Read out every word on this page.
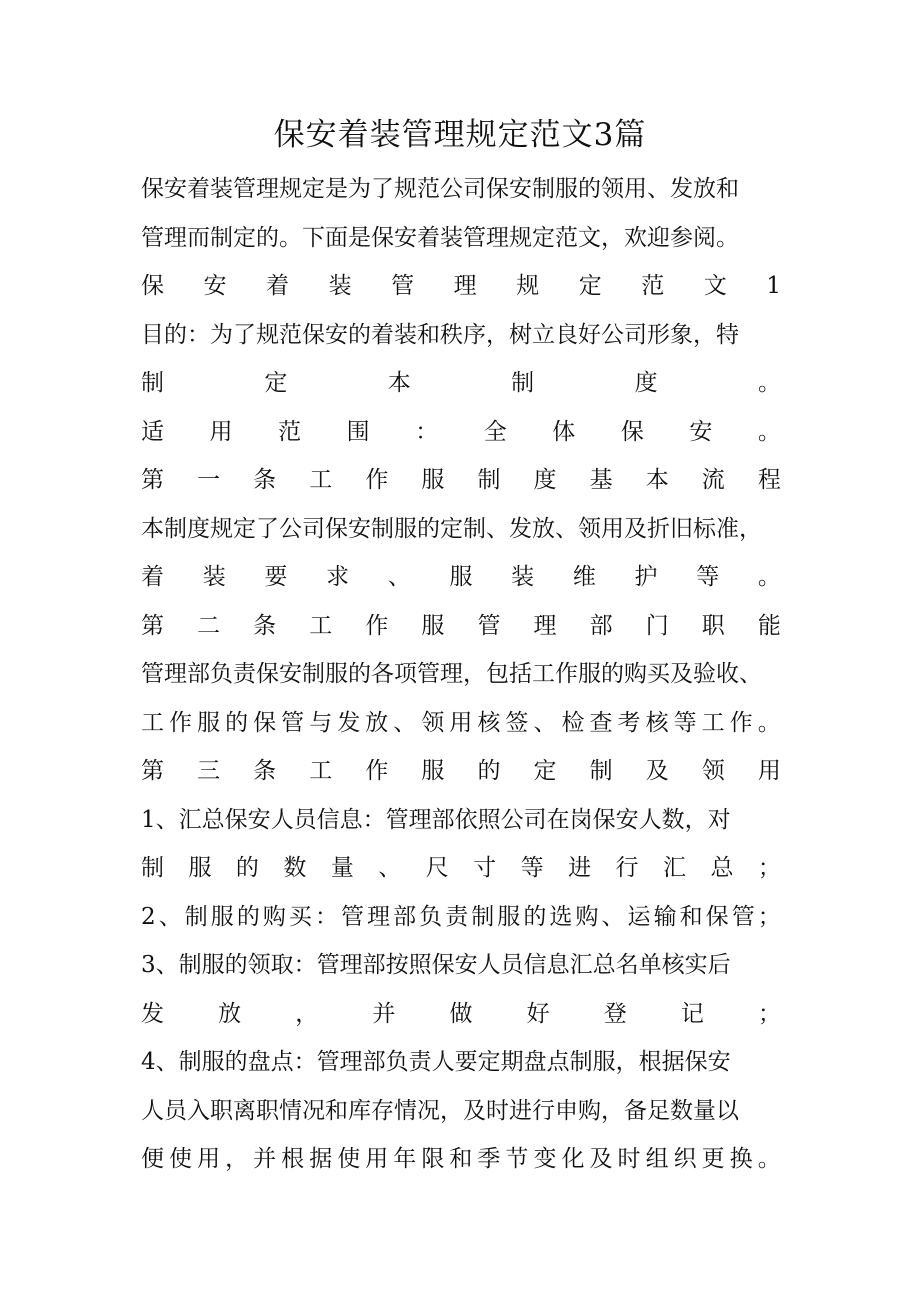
保安着装管理规定范文3篇
保安着装管理规定是为了规范公司保安制服的领用、发放和
管理而制定的。下面是保安着装管理规定范文，欢迎参阅。
保 安 着 装 管 理 规 定 范 文 1
目的：为了规范保安的着装和秩序，树立良好公司形象，特
制	定	本	制	度	。
适 用 范 围 ： 全 体 保 安 。
第 一 条 工 作 服 制 度 基 本 流 程
本制度规定了公司保安制服的定制、发放、领用及折旧标准，
着 装 要 求 、 服 装 维 护 等 。
第 二 条 工 作 服 管 理 部 门 职 能
管理部负责保安制服的各项管理，包括工作服的购买及验收、
工 作 服 的 保 管 与 发 放 、 领 用 核 签 、 检 查 考 核 等 工 作 。
第 三 条 工 作 服 的 定 制 及 领 用
1、汇总保安人员信息：管理部依照公司在岗保安人数，对
制 服 的 数 量 、 尺 寸 等 进 行 汇 总 ；
2 、 制 服 的 购 买 ： 管 理 部 负 责 制 服 的 选 购 、 运 输 和 保 管 ；
3、制服的领取：管理部按照保安人员信息汇总名单核实后
发 放 ， 并 做 好 登 记 ；
4、制服的盘点：管理部负责人要定期盘点制服，根据保安
人员入职离职情况和库存情况，及时进行申购，备足数量以
便 使 用 ， 并 根 据 使 用 年 限 和 季 节 变 化 及 时 组 织 更 换 。
